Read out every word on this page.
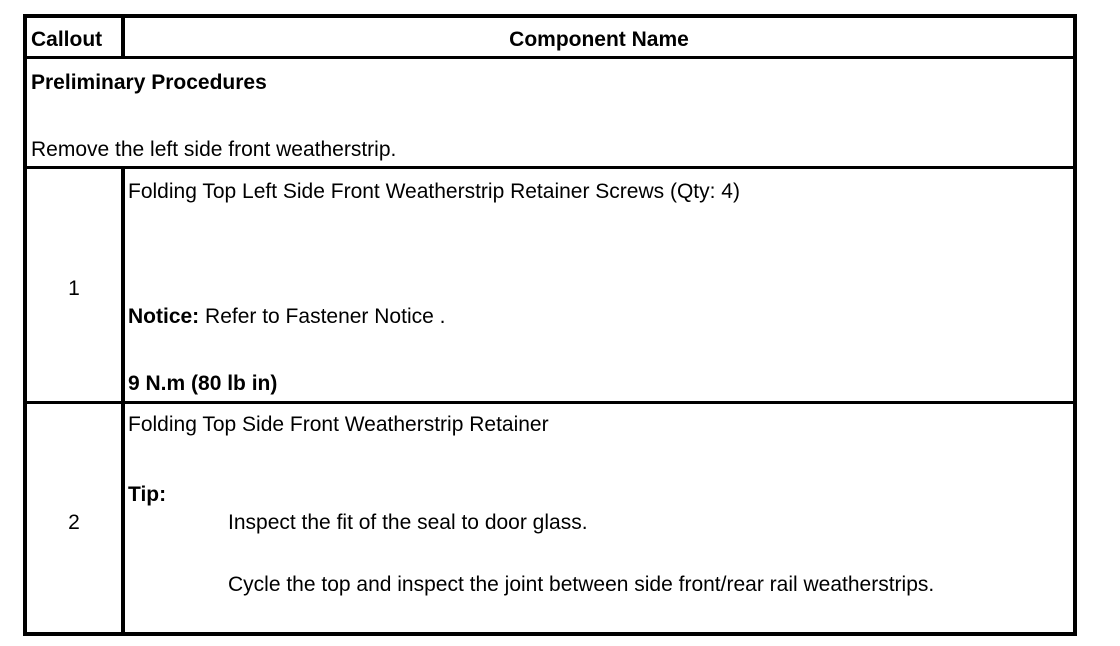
Callout	Component Name
Preliminary Procedures
Remove the left side front weatherstrip.
1
Folding Top Left Side Front Weatherstrip Retainer Screws (Qty: 4)
Notice: Refer to Fastener Notice .
9 N.m (80 lb in)
2
Folding Top Side Front Weatherstrip Retainer
Tip:
Inspect the fit of the seal to door glass.
Cycle the top and inspect the joint between side front/rear rail weatherstrips.
